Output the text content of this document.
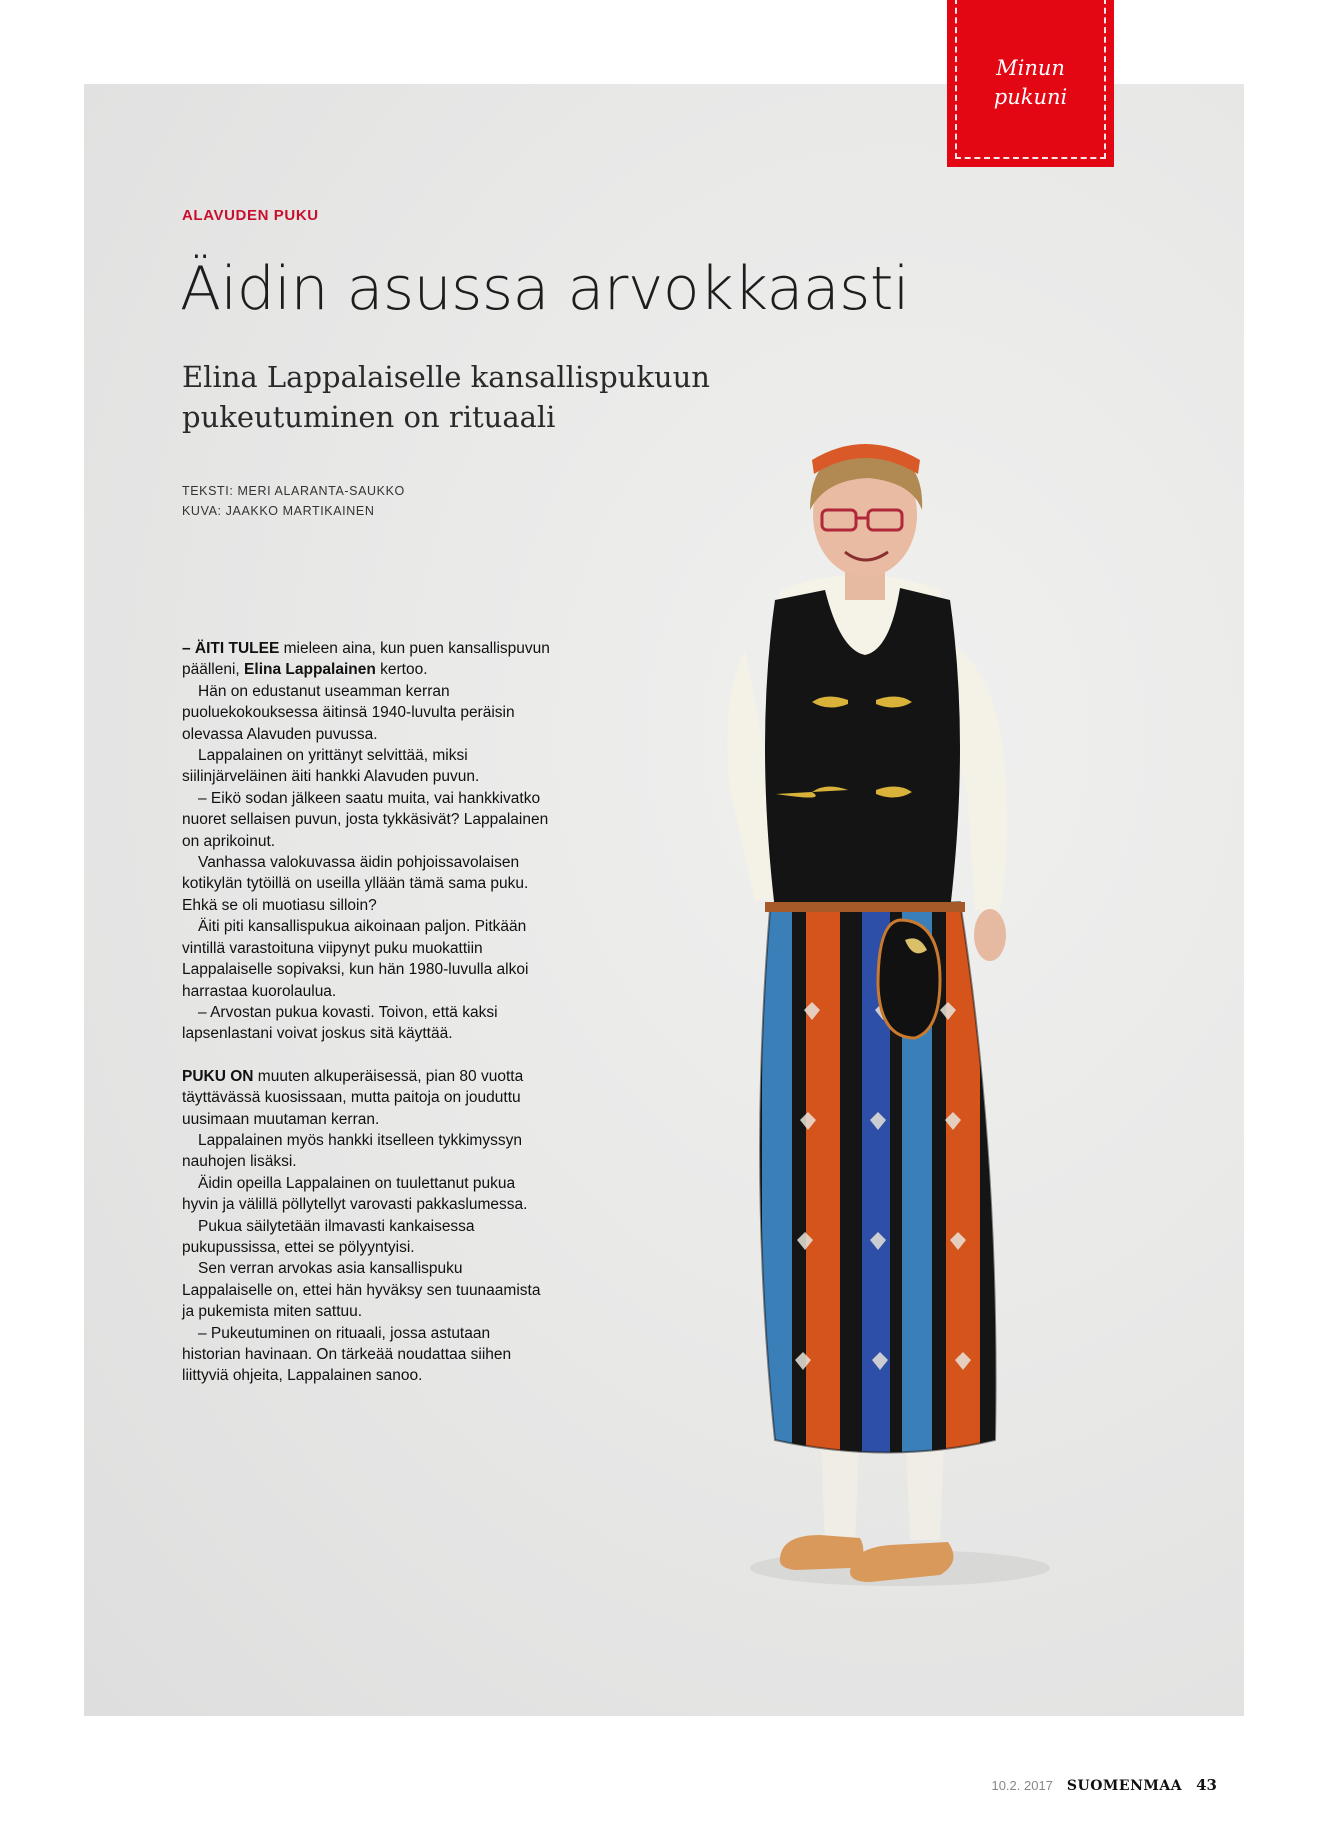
Minun
pukuni
ALAVUDEN PUKU
Äidin asussa arvokkaasti
Elina Lappalaiselle kansallispukuun
pukeutuminen on rituaali
TEKSTI: MERI ALARANTA-SAUKKO
KUVA: JAAKKO MARTIKAINEN

– ÄITI TULEE mieleen aina, kun puen kansallispuvun päälleni, Elina Lappalainen kertoo.

Hän on edustanut useamman kerran puoluekokouksessa äitinsä 1940-luvulta peräisin olevassa Alavuden puvussa.

Lappalainen on yrittänyt selvittää, miksi siilinjärveläinen äiti hankki Alavuden puvun.

– Eikö sodan jälkeen saatu muita, vai hankkivatko nuoret sellaisen puvun, josta tykkäsivät? Lappalainen on aprikoinut.

Vanhassa valokuvassa äidin pohjoissavolaisen kotikylän tytöillä on useilla yllään tämä sama puku. Ehkä se oli muotiasu silloin?

Äiti piti kansallispukua aikoinaan paljon. Pitkään vintillä varastoituna viipynyt puku muokattiin Lappalaiselle sopivaksi, kun hän 1980-luvulla alkoi harrastaa kuorolaulua.

– Arvostan pukua kovasti. Toivon, että kaksi lapsenlastani voivat joskus sitä käyttää.

PUKU ON muuten alkuperäisessä, pian 80 vuotta täyttävässä kuosissaan, mutta paitoja on jouduttu uusimaan muutaman kerran.

Lappalainen myös hankki itselleen tykkimyssyn nauhojen lisäksi.

Äidin opeilla Lappalainen on tuulettanut pukua hyvin ja välillä pöllytellyt varovasti pakkaslumessa.

Pukua säilytetään ilmavasti kankaisessa pukupussissa, ettei se pölyyntyisi.

Sen verran arvokas asia kansallispuku Lappalaiselle on, ettei hän hyväksy sen tuunaamista ja pukemista miten sattuu.

– Pukeutuminen on rituaali, jossa astutaan historian havinaan. On tärkeää noudattaa siihen liittyviä ohjeita, Lappalainen sanoo.

10.2. 2017 SUOMENMAA 43
